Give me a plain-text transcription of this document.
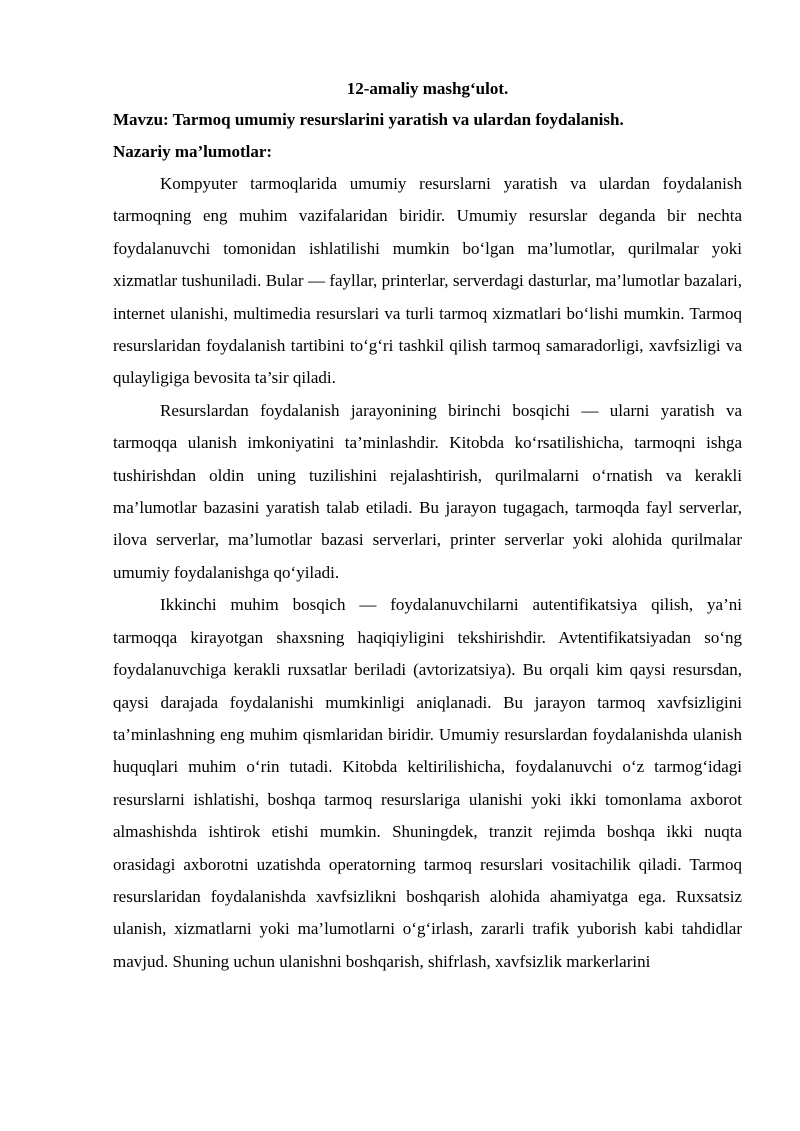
12-amaliy mashg‘ulot.

Mavzu: Tarmoq umumiy resurslarini yaratish va ulardan foydalanish.

Nazariy ma’lumotlar:

Kompyuter tarmoqlarida umumiy resurslarni yaratish va ulardan foydalanish tarmoqning eng muhim vazifalaridan biridir. Umumiy resurslar deganda bir nechta foydalanuvchi tomonidan ishlatilishi mumkin bo‘lgan ma’lumotlar, qurilmalar yoki xizmatlar tushuniladi. Bular — fayllar, printerlar, serverdagi dasturlar, ma’lumotlar bazalari, internet ulanishi, multimedia resurslari va turli tarmoq xizmatlari bo‘lishi mumkin. Tarmoq resurslaridan foydalanish tartibini to‘g‘ri tashkil qilish tarmoq samaradorligi, xavfsizligi va qulayligiga bevosita ta’sir qiladi.

Resurslardan foydalanish jarayonining birinchi bosqichi — ularni yaratish va tarmoqqa ulanish imkoniyatini ta’minlashdir. Kitobda ko‘rsatilishicha, tarmoqni ishga tushirishdan oldin uning tuzilishini rejalashtirish, qurilmalarni o‘rnatish va kerakli ma’lumotlar bazasini yaratish talab etiladi. Bu jarayon tugagach, tarmoqda fayl serverlar, ilova serverlar, ma’lumotlar bazasi serverlari, printer serverlar yoki alohida qurilmalar umumiy foydalanishga qo‘yiladi.

Ikkinchi muhim bosqich — foydalanuvchilarni autentifikatsiya qilish, ya’ni tarmoqqa kirayotgan shaxsning haqiqiyligini tekshirishdir. Avtentifikatsiyadan so‘ng foydalanuvchiga kerakli ruxsatlar beriladi (avtorizatsiya). Bu orqali kim qaysi resursdan, qaysi darajada foydalanishi mumkinligi aniqlanadi. Bu jarayon tarmoq xavfsizligini ta’minlashning eng muhim qismlaridan biridir. Umumiy resurslardan foydalanishda ulanish huquqlari muhim o‘rin tutadi. Kitobda keltirilishicha, foydalanuvchi o‘z tarmog‘idagi resurslarni ishlatishi, boshqa tarmoq resurslariga ulanishi yoki ikki tomonlama axborot almashishda ishtirok etishi mumkin. Shuningdek, tranzit rejimda boshqa ikki nuqta orasidagi axborotni uzatishda operatorning tarmoq resurslari vositachilik qiladi. Tarmoq resurslaridan foydalanishda xavfsizlikni boshqarish alohida ahamiyatga ega. Ruxsatsiz ulanish, xizmatlarni yoki ma’lumotlarni o‘g‘irlash, zararli trafik yuborish kabi tahdidlar mavjud. Shuning uchun ulanishni boshqarish, shifrlash, xavfsizlik markerlarini
